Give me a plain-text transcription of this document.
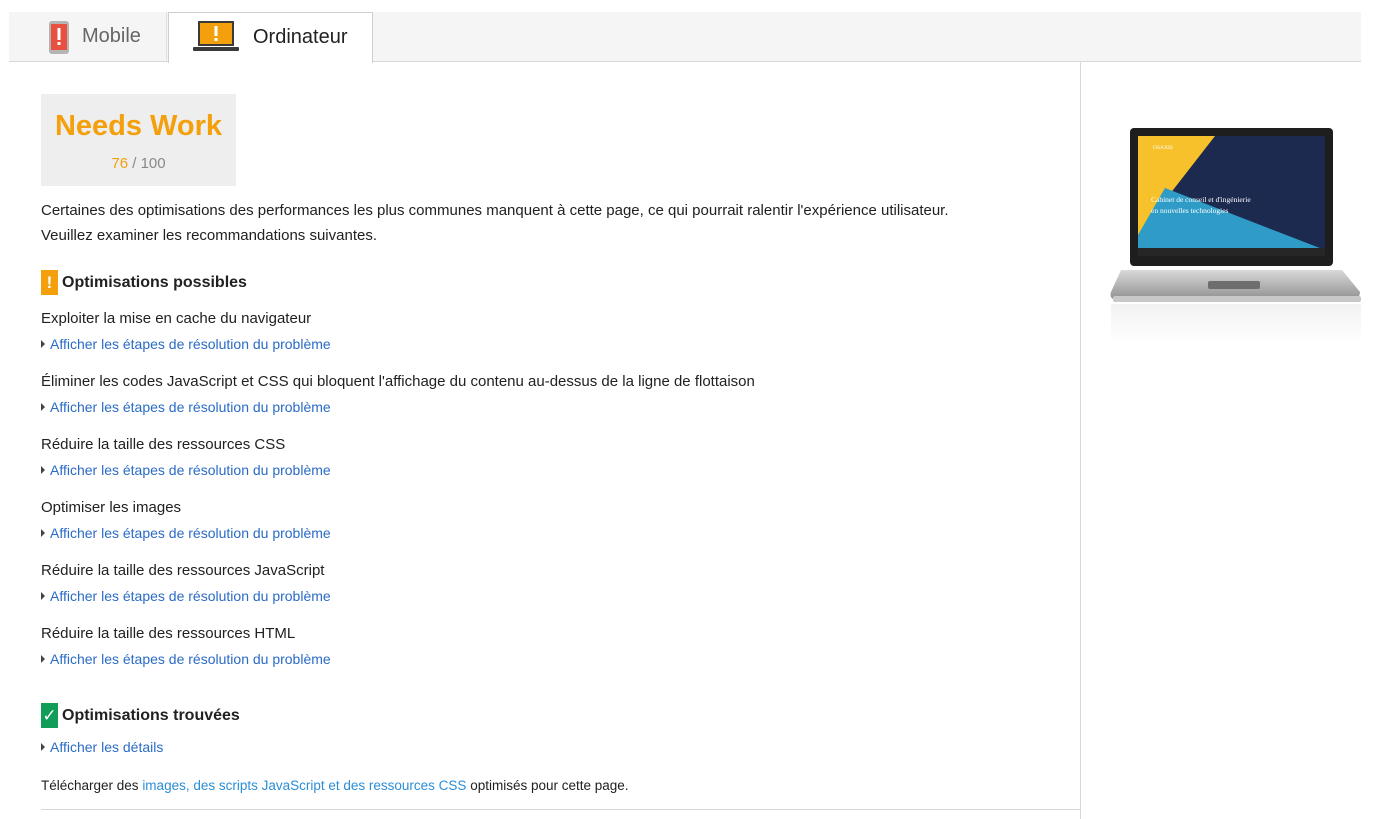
Mobile	Ordinateur
Needs Work
76 / 100
Certaines des optimisations des performances les plus communes manquent à cette page, ce qui pourrait ralentir l'expérience utilisateur.
Veuillez examiner les recommandations suivantes.
! Optimisations possibles
Exploiter la mise en cache du navigateur
Afficher les étapes de résolution du problème
Éliminer les codes JavaScript et CSS qui bloquent l'affichage du contenu au-dessus de la ligne de flottaison
Afficher les étapes de résolution du problème
Réduire la taille des ressources CSS
Afficher les étapes de résolution du problème
Optimiser les images
Afficher les étapes de résolution du problème
Réduire la taille des ressources JavaScript
Afficher les étapes de résolution du problème
Réduire la taille des ressources HTML
Afficher les étapes de résolution du problème
✓ Optimisations trouvées
Afficher les détails
Télécharger des images, des scripts JavaScript et des ressources CSS optimisés pour cette page.
OSAXIS
Cabinet de conseil et d'ingénierie
en nouvelles technologies
